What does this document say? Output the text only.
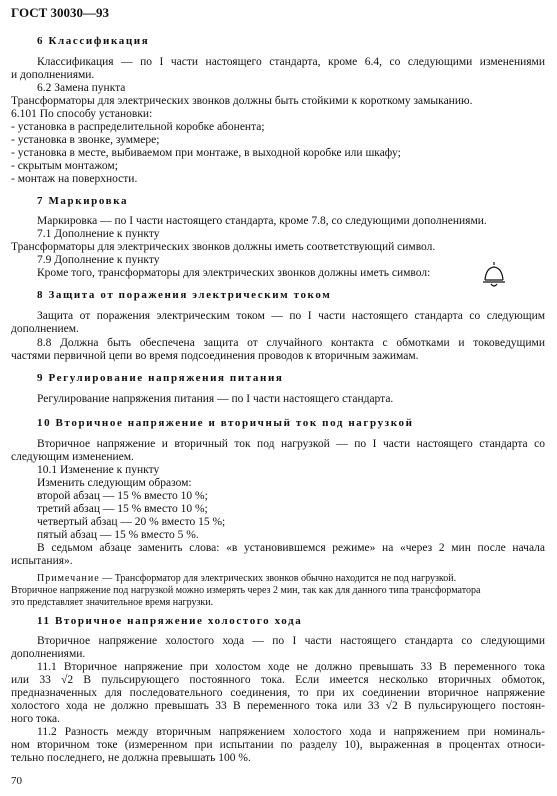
ГОСТ 30030—93
6 Классификация
Классификация — по I части настоящего стандарта, кроме 6.4, со следующими изменениями
и дополнениями.
6.2 Замена пункта
Трансформаторы для электрических звонков должны быть стойкими к короткому замыканию.
6.101 По способу установки:
- установка в распределительной коробке абонента;
- установка в звонке, зуммере;
- установка в месте, выбиваемом при монтаже, в выходной коробке или шкафу;
- скрытым монтажом;
- монтаж на поверхности.
7 Маркировка
Маркировка — по I части настоящего стандарта, кроме 7.8, со следующими дополнениями.
7.1 Дополнение к пункту
Трансформаторы для электрических звонков должны иметь соответствующий символ.
7.9 Дополнение к пункту
Кроме того, трансформаторы для электрических звонков должны иметь символ:
8 Защита от поражения электрическим током
Защита от поражения электрическим током — по I части настоящего стандарта со следующим
дополнением.
8.8 Должна быть обеспечена защита от случайного контакта с обмотками и токоведущими
частями первичной цепи во время подсоединения проводов к вторичным зажимам.
9 Регулирование напряжения питания
Регулирование напряжения питания — по I части настоящего стандарта.
10 Вторичное напряжение и вторичный ток под нагрузкой
Вторичное напряжение и вторичный ток под нагрузкой — по I части настоящего стандарта со
следующим изменением.
10.1 Изменение к пункту
Изменить следующим образом:
второй абзац — 15 % вместо 10 %;
третий абзац — 15 % вместо 10 %;
четвертый абзац — 20 % вместо 15 %;
пятый абзац — 15 % вместо 5 %.
В седьмом абзаце заменить слова: «в установившемся режиме» на «через 2 мин после начала
испытания».
Примечание — Трансформатор для электрических звонков обычно находится не под нагрузкой.
Вторичное напряжение под нагрузкой можно измерять через 2 мин, так как для данного типа трансформатора
это представляет значительное время нагрузки.
11 Вторичное напряжение холостого хода
Вторичное напряжение холостого хода — по I части настоящего стандарта со следующими
дополнениями.
11.1 Вторичное напряжение при холостом ходе не должно превышать 33 В переменного тока
или 33 √2 В пульсирующего постоянного тока. Если имеется несколько вторичных обмоток,
предназначенных для последовательного соединения, то при их соединении вторичное напряжение
холостого хода не должно превышать 33 В переменного тока или 33 √2 В пульсирующего постоян-
ного тока.
11.2 Разность между вторичным напряжением холостого хода и напряжением при номиналь-
ном вторичном токе (измеренном при испытании по разделу 10), выраженная в процентах относи-
тельно последнего, не должна превышать 100 %.
70
